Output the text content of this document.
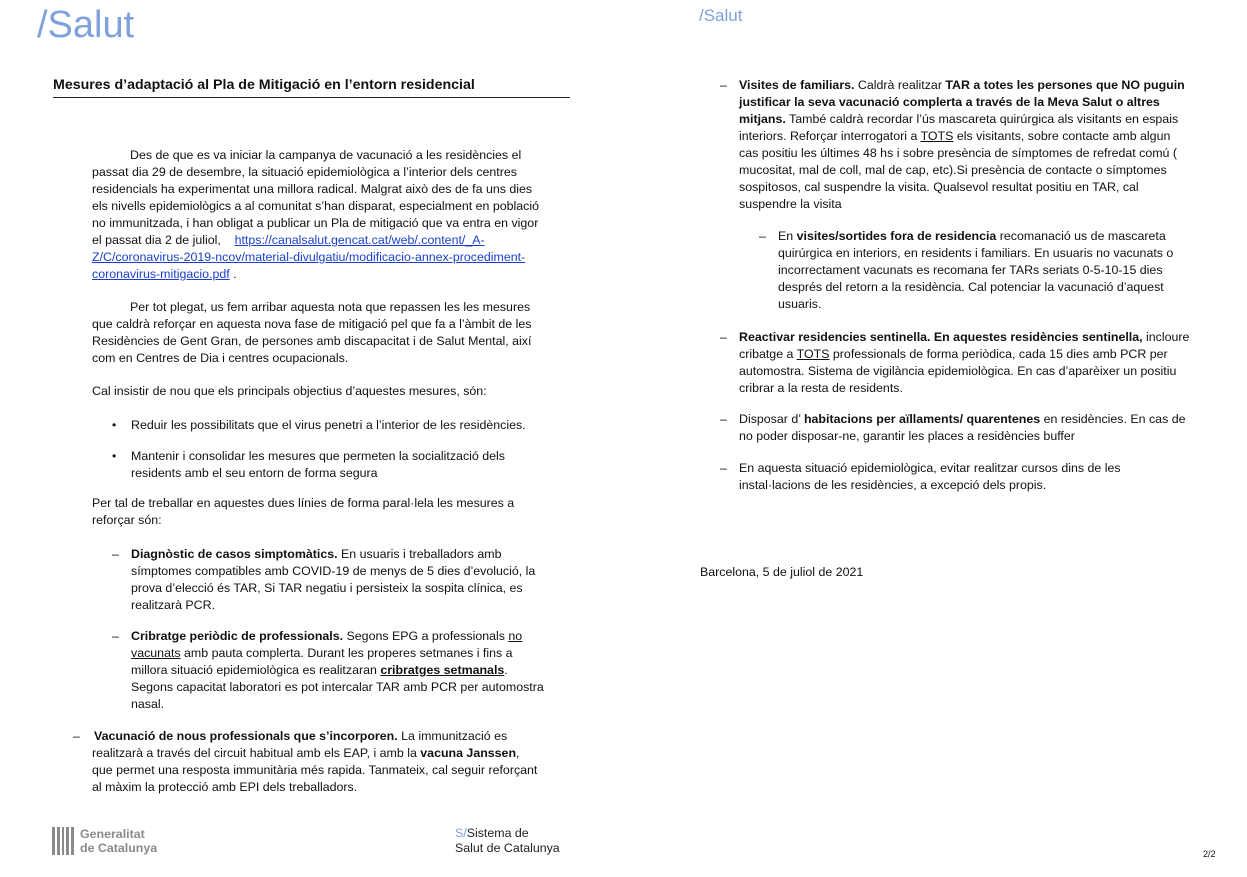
/Salut
Mesures d’adaptació al Pla de Mitigació en l’entorn residencial
Des de que es va iniciar la campanya de vacunació a les residències el
passat dia 29 de desembre, la situació epidemiològica a l’interior dels centres
residencials ha experimentat una millora radical. Malgrat això des de fa uns dies
els nivells epidemiològics a al comunitat s’han disparat, especialment en població
no immunitzada, i han obligat a publicar un Pla de mitigació que va entra en vigor
el passat dia 2 de juliol, https://canalsalut.gencat.cat/web/.content/_A-
Z/C/coronavirus-2019-ncov/material-divulgatiu/modificacio-annex-procediment-
coronavirus-mitigacio.pdf .
Per tot plegat, us fem arribar aquesta nota que repassen les les mesures
que caldrà reforçar en aquesta nova fase de mitigació pel que fa a l’àmbit de les
Residències de Gent Gran, de persones amb discapacitat i de Salut Mental, així
com en Centres de Dia i centres ocupacionals.
Cal insistir de nou que els principals objectius d’aquestes mesures, són:
• Reduir les possibilitats que el virus penetri a l’interior de les residències.
• Mantenir i consolidar les mesures que permeten la socialització dels
residents amb el seu entorn de forma segura
Per tal de treballar en aquestes dues línies de forma paral·lela les mesures a
reforçar són:
– Diagnòstic de casos simptomàtics. En usuaris i treballadors amb
símptomes compatibles amb COVID-19 de menys de 5 dies d’evolució, la
prova d’elecció és TAR, Si TAR negatiu i persisteix la sospita clínica, es
realitzarà PCR.
– Cribratge periòdic de professionals. Segons EPG a professionals no
vacunats amb pauta complerta. Durant les properes setmanes i fins a
millora situació epidemiològica es realitzaran cribratges setmanals.
Segons capacitat laboratori es pot intercalar TAR amb PCR per automostra
nasal.
– Vacunació de nous professionals que s’incorporen. La immunització es
realitzarà a través del circuit habitual amb els EAP, i amb la vacuna Janssen,
que permet una resposta immunitària més rapida. Tanmateix, cal seguir reforçant
al màxim la protecció amb EPI dels treballadors.
Generalitat
de Catalunya
S/Sistema de
Salut de Catalunya
/Salut
– Visites de familiars. Caldrà realitzar TAR a totes les persones que NO puguin
justificar la seva vacunació complerta a través de la Meva Salut o altres
mitjans. També caldrà recordar l’ús mascareta quirúrgica als visitants en espais
interiors. Reforçar interrogatori a TOTS els visitants, sobre contacte amb algun
cas positiu les últimes 48 hs i sobre presència de símptomes de refredat comú (
mucositat, mal de coll, mal de cap, etc).Si presència de contacte o símptomes
sospitosos, cal suspendre la visita. Qualsevol resultat positiu en TAR, cal
suspendre la visita
– En visites/sortides fora de residencia recomanació us de mascareta
quirúrgica en interiors, en residents i familiars. En usuaris no vacunats o
incorrectament vacunats es recomana fer TARs seriats 0-5-10-15 dies
després del retorn a la residència. Cal potenciar la vacunació d’aquest
usuaris.
– Reactivar residencies sentinella. En aquestes residències sentinella, incloure
cribatge a TOTS professionals de forma periòdica, cada 15 dies amb PCR per
automostra. Sistema de vigilància epidemiològica. En cas d’aparèixer un positiu
cribrar a la resta de residents.
– Disposar d’ habitacions per aïllaments/ quarentenes en residències. En cas de
no poder disposar-ne, garantir les places a residències buffer
– En aquesta situació epidemiològica, evitar realitzar cursos dins de les
instal·lacions de les residències, a excepció dels propis.
Barcelona, 5 de juliol de 2021
2/2
